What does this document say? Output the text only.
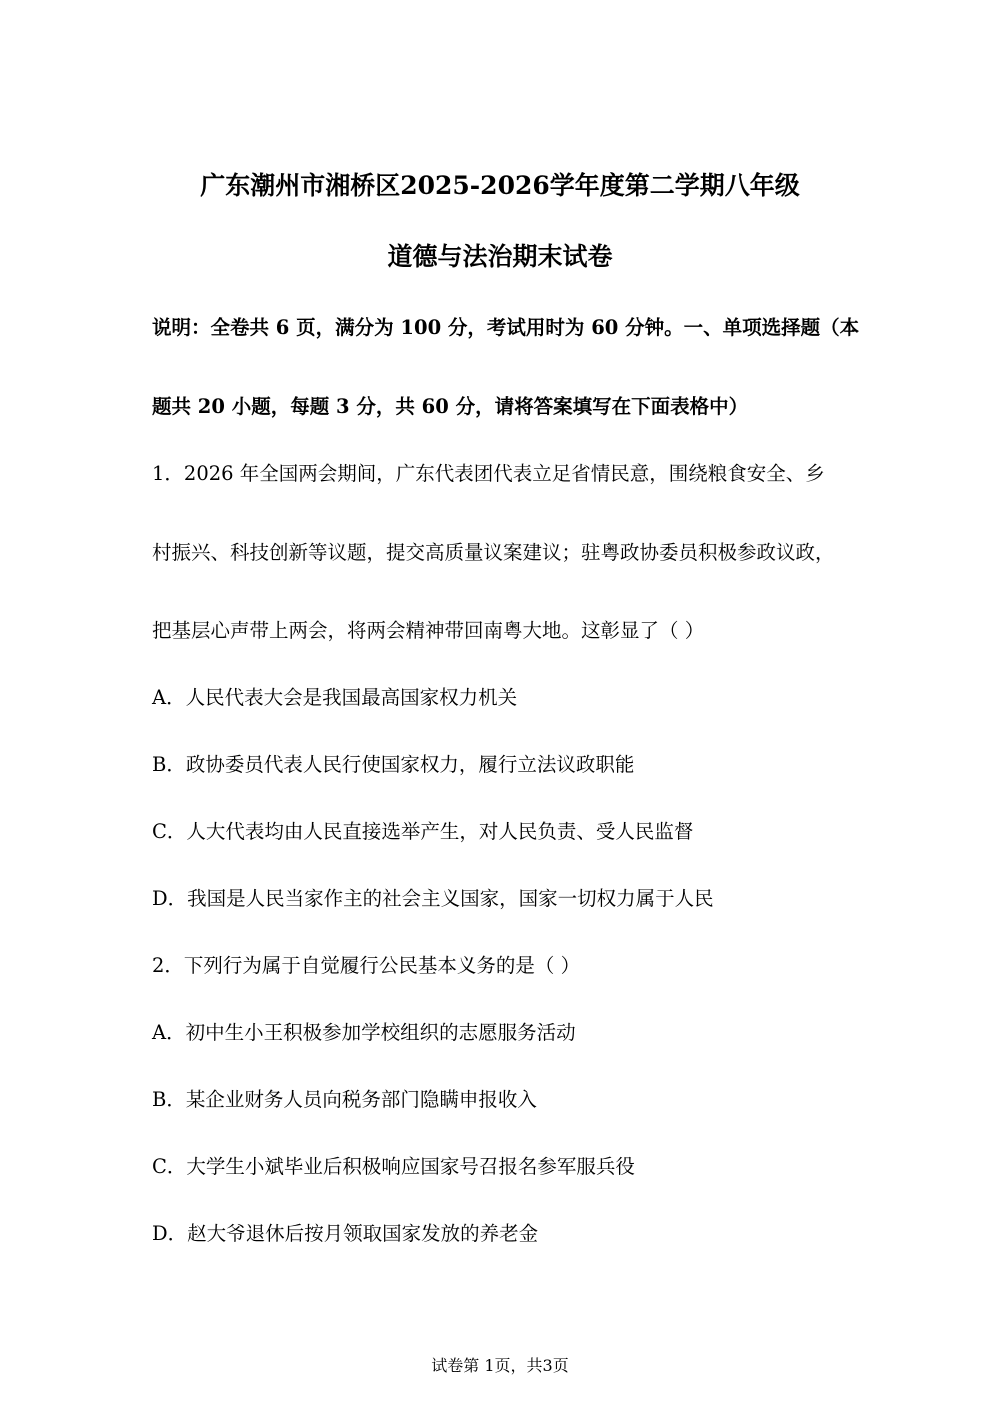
广东潮州市湘桥区2025-2026学年度第二学期八年级
道德与法治期末试卷
说明：全卷共 6 页，满分为 100 分，考试用时为 60 分钟。一、单项选择题（本
题共 20 小题，每题 3 分，共 60 分，请将答案填写在下面表格中）
1．2026 年全国两会期间，广东代表团代表立足省情民意，围绕粮食安全、乡
村振兴、科技创新等议题，提交高质量议案建议；驻粤政协委员积极参政议政，
把基层心声带上两会，将两会精神带回南粤大地。这彰显了（ ）
A．人民代表大会是我国最高国家权力机关
B．政协委员代表人民行使国家权力，履行立法议政职能
C．人大代表均由人民直接选举产生，对人民负责、受人民监督
D．我国是人民当家作主的社会主义国家，国家一切权力属于人民
2．下列行为属于自觉履行公民基本义务的是（ ）
A．初中生小王积极参加学校组织的志愿服务活动
B．某企业财务人员向税务部门隐瞒申报收入
C．大学生小斌毕业后积极响应国家号召报名参军服兵役
D．赵大爷退休后按月领取国家发放的养老金
试卷第 1页，共3页
